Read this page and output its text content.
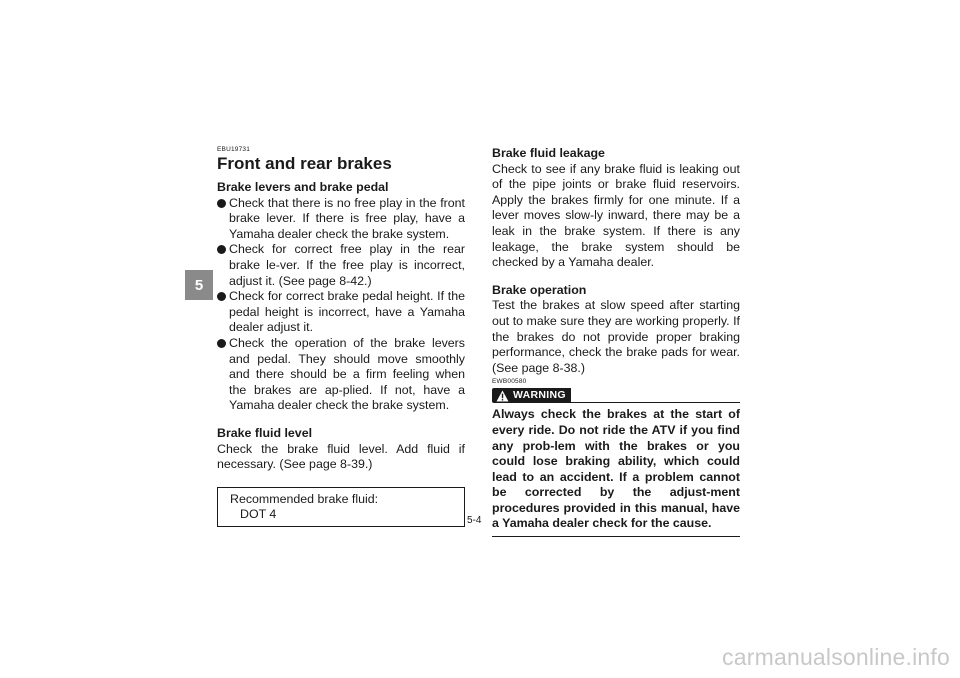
5
EBU19731
Front and rear brakes
Brake levers and brake pedal
Check that there is no free play in the front brake lever. If there is free play, have a Yamaha dealer check the brake system.
Check for correct free play in the rear brake le-ver. If the free play is incorrect, adjust it. (See page 8-42.)
Check for correct brake pedal height. If the pedal height is incorrect, have a Yamaha dealer adjust it.
Check the operation of the brake levers and pedal. They should move smoothly and there should be a firm feeling when the brakes are ap-plied. If not, have a Yamaha dealer check the brake system.
Brake fluid level

Check the brake fluid level. Add fluid if necessary. (See page 8-39.)

Recommended brake fluid:
DOT 4
Brake fluid leakage

Check to see if any brake fluid is leaking out of the pipe joints or brake fluid reservoirs. Apply the brakes firmly for one minute. If a lever moves slow-ly inward, there may be a leak in the brake system. If there is any leakage, the brake system should be checked by a Yamaha dealer.

Brake operation

Test the brakes at slow speed after starting out to make sure they are working properly. If the brakes do not provide proper braking performance, check the brake pads for wear. (See page 8-38.)

EWB00580
WARNING

Always check the brakes at the start of every ride. Do not ride the ATV if you find any prob-lem with the brakes or you could lose braking ability, which could lead to an accident. If a problem cannot be corrected by the adjust-ment procedures provided in this manual, have a Yamaha dealer check for the cause.

5-4
carmanualsonline.info
